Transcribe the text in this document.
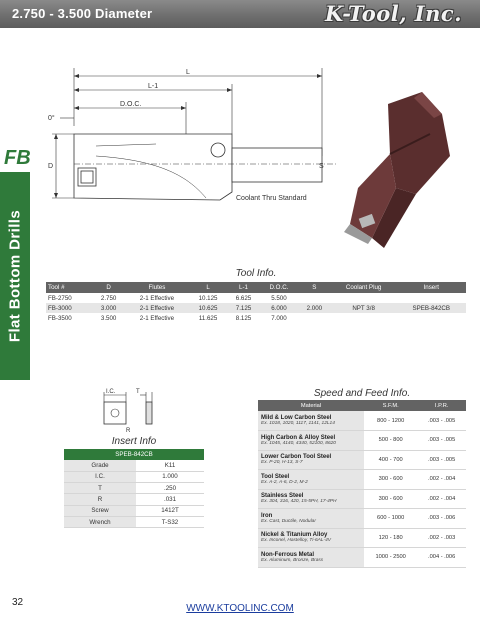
2.750 - 3.500 Diameter	K-Tool, Inc.
FB
Flat Bottom Drills
L
L-1
D.O.C.
0°
D	S
Coolant Thru Standard
Tool Info.
Tool #	D	Flutes	L	L-1	D.O.C.	S	Coolant Plug	Insert
FB-2750	2.750	2-1 Effective	10.125	6.625	5.500			
FB-3000	3.000	2-1 Effective	10.625	7.125	6.000	2.000	NPT 3/8	SPEB-842CB
FB-3500	3.500	2-1 Effective	11.625	8.125	7.000			
I.C.	T
R
Insert Info
SPEB-842CB	
Grade	K11
I.C.	1.000
T	.250
R	.031
Screw	1412T
Wrench	T-S32
Speed and Feed Info.
Material	S.F.M.	I.P.R.

Mild & Low Carbon Steel
Ex. 1018, 1020, 1117, 1141, 12L14	800 - 1200	.003 - .005

High Carbon & Alloy Steel
Ex. 1045, 4140, 4340, 52100, 8620	500 - 800	.003 - .005

Lower Carbon Tool Steel
Ex. P-20, H-13, S-7	400 - 700	.003 - .005

Tool Steel
Ex. A-2, A-6, D-2, M-2	300 - 600	.002 - .004

Stainless Steel
Ex. 304, 316, 420, 15-5PH, 17-4PH	300 - 600	.002 - .004

Iron
Ex. Cast, Ductile, Nodular	600 - 1000	.003 - .006

Nickel & Titanium Alloy
Ex. Inconel, Hastelloy, Ti-6AL-4V	120 - 180	.002 - .003

Non-Ferrous Metal
Ex. Aluminum, Bronze, Brass	1000 - 2500	.004 - .006
32
WWW.KTOOLINC.COM
